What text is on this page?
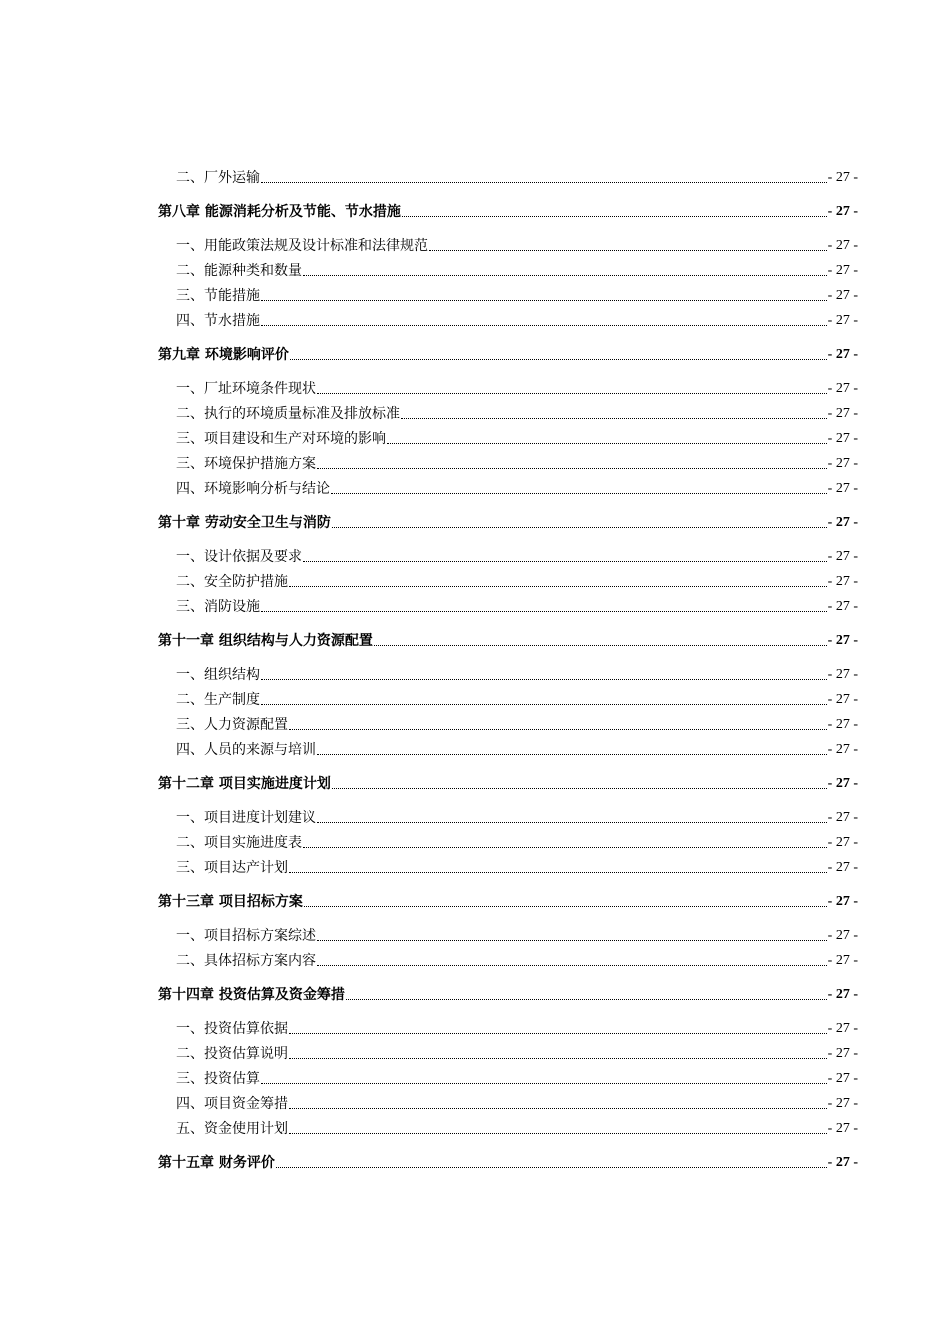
二、厂外运输	- 27 -
第八章 能源消耗分析及节能、节水措施	- 27 -
一、用能政策法规及设计标准和法律规范	- 27 -
二、能源种类和数量	- 27 -
三、节能措施	- 27 -
四、节水措施	- 27 -
第九章 环境影响评价	- 27 -
一、厂址环境条件现状	- 27 -
二、执行的环境质量标准及排放标准	- 27 -
三、项目建设和生产对环境的影响	- 27 -
三、环境保护措施方案	- 27 -
四、环境影响分析与结论	- 27 -
第十章 劳动安全卫生与消防	- 27 -
一、设计依据及要求	- 27 -
二、安全防护措施	- 27 -
三、消防设施	- 27 -
第十一章 组织结构与人力资源配置	- 27 -
一、组织结构	- 27 -
二、生产制度	- 27 -
三、人力资源配置	- 27 -
四、人员的来源与培训	- 27 -
第十二章 项目实施进度计划	- 27 -
一、项目进度计划建议	- 27 -
二、项目实施进度表	- 27 -
三、项目达产计划	- 27 -
第十三章 项目招标方案	- 27 -
一、项目招标方案综述	- 27 -
二、具体招标方案内容	- 27 -
第十四章 投资估算及资金筹措	- 27 -
一、投资估算依据	- 27 -
二、投资估算说明	- 27 -
三、投资估算	- 27 -
四、项目资金筹措	- 27 -
五、资金使用计划	- 27 -
第十五章 财务评价	- 27 -
